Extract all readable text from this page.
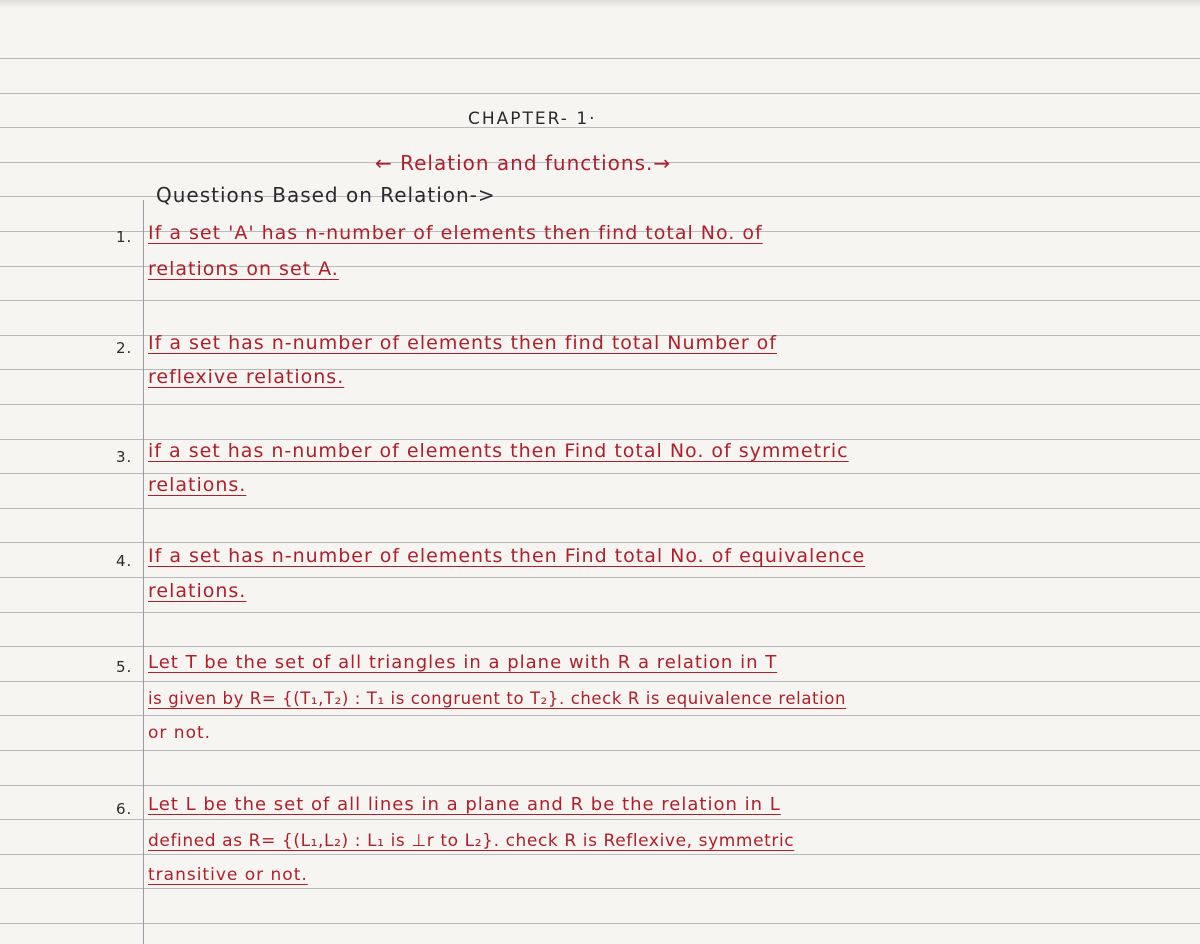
CHAPTER- 1·
← Relation and functions.→
Questions Based on Relation->
1. If a set 'A' has n-number of elements then find total No. of
relations on set A.
2. If a set has n-number of elements then find total Number of
reflexive relations.
3. if a set has n-number of elements then Find total No. of symmetric
relations.
4. If a set has n-number of elements then Find total No. of equivalence
relations.
5. Let T be the set of all triangles in a plane with R a relation in T
is given by R= {(T₁,T₂) : T₁ is congruent to T₂}. check R is equivalence relation
or not.
6. Let L be the set of all lines in a plane and R be the relation in L
defined as R= {(L₁,L₂) : L₁ is ⊥r to L₂}. check R is Reflexive, symmetric
transitive or not.
